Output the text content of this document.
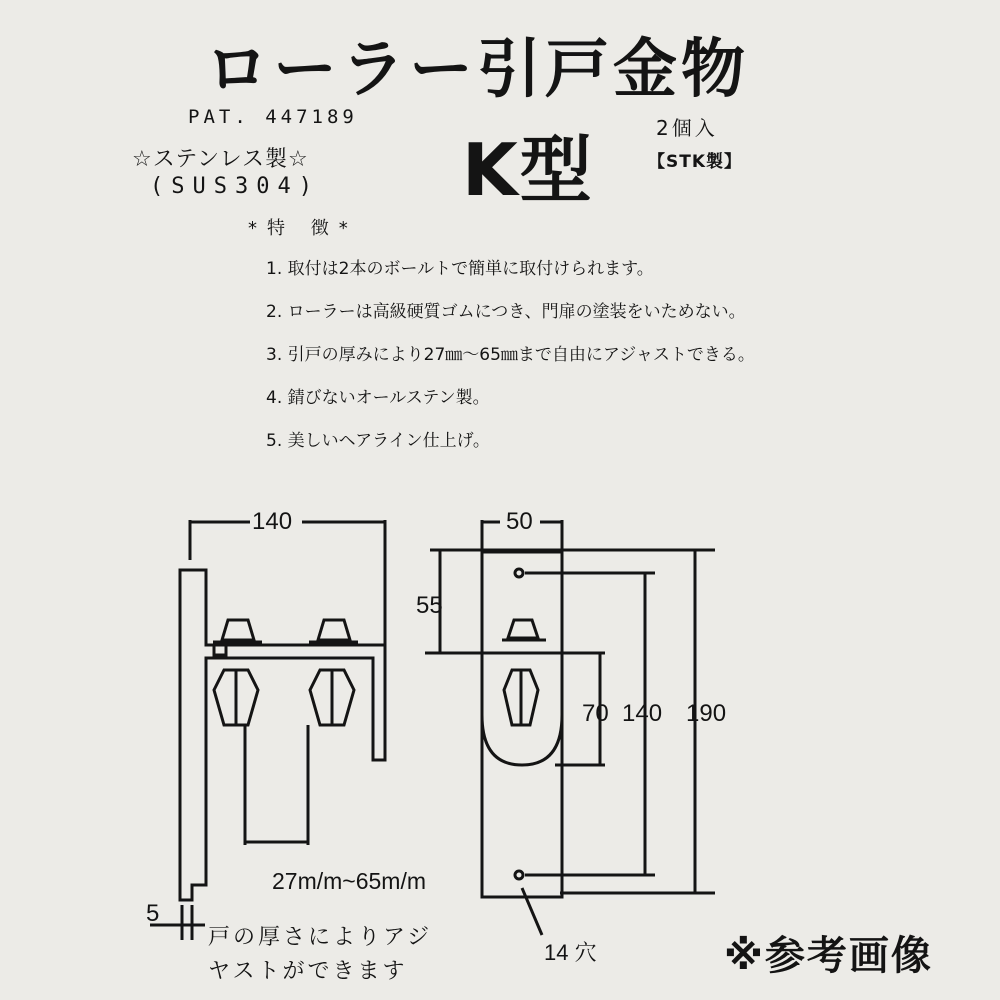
ローラー引戸金物
PAT. 447189
☆ステンレス製☆
(SUS304) K型	2個入
【STK製】
*特 徴*
1. 取付は2本のボールトで簡単に取付けられます。
2. ローラーは高級硬質ゴムにつき、門扉の塗装をいためない。
3. 引戸の厚みにより27㎜～65㎜まで自由にアジャストできる。
4. 錆びないオールステン製。
5. 美しいヘアライン仕上げ。
140	50
55
70 140 190
27m/m~65m/m
5
14 穴
戸の厚さによりアジ
ヤストができます	※参考画像
